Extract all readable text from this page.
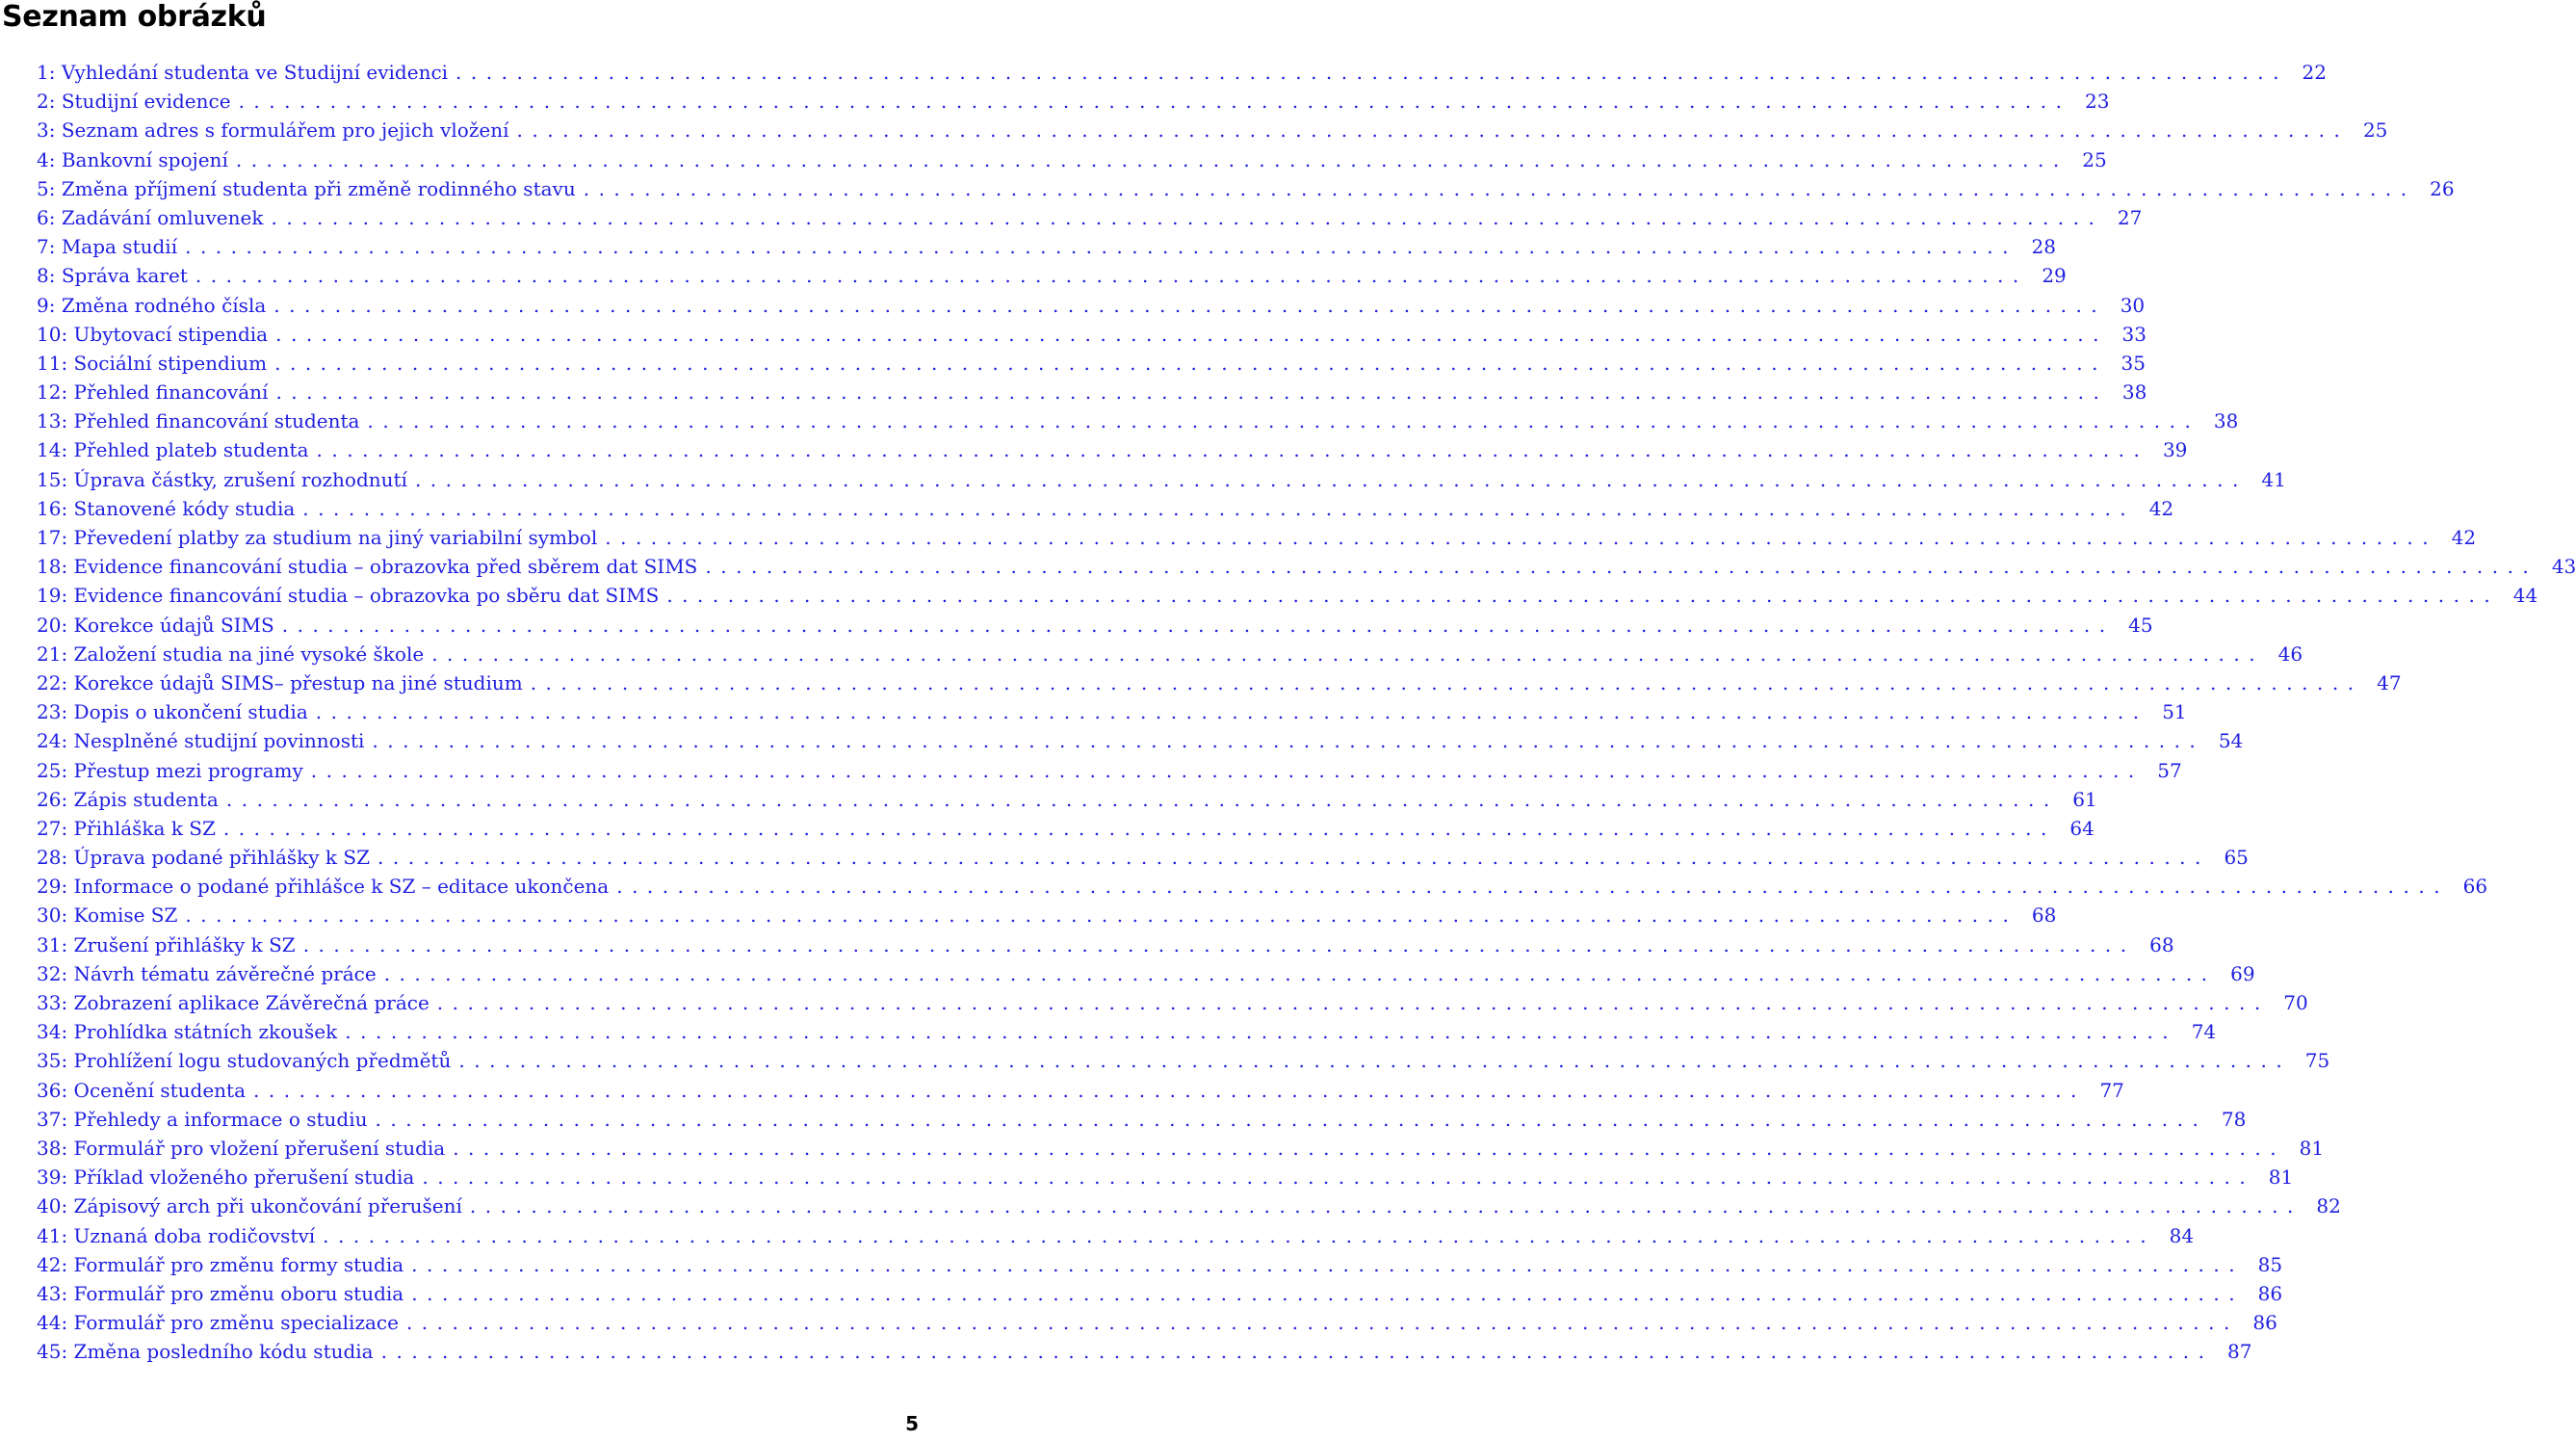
Seznam obrázků
1: Vyhledání studenta ve Studijní evidenci ........................................................................................................................ 22
2: Studijní evidence ........................................................................................................................ 23
3: Seznam adres s formulářem pro jejich vložení ........................................................................................................................ 25
4: Bankovní spojení ........................................................................................................................ 25
5: Změna příjmení studenta při změně rodinného stavu ........................................................................................................................ 26
6: Zadávání omluvenek ........................................................................................................................ 27
7: Mapa studií ........................................................................................................................ 28
8: Správa karet ........................................................................................................................ 29
9: Změna rodného čísla ........................................................................................................................ 30
10: Ubytovací stipendia ........................................................................................................................ 33
11: Sociální stipendium ........................................................................................................................ 35
12: Přehled financování ........................................................................................................................ 38
13: Přehled financování studenta ........................................................................................................................ 38
14: Přehled plateb studenta ........................................................................................................................ 39
15: Úprava částky, zrušení rozhodnutí ........................................................................................................................ 41
16: Stanovené kódy studia ........................................................................................................................ 42
17: Převedení platby za studium na jiný variabilní symbol ........................................................................................................................ 42
18: Evidence financování studia – obrazovka před sběrem dat SIMS ........................................................................................................................ 43
19: Evidence financování studia – obrazovka po sběru dat SIMS ........................................................................................................................ 44
20: Korekce údajů SIMS ........................................................................................................................ 45
21: Založení studia na jiné vysoké škole ........................................................................................................................ 46
22: Korekce údajů SIMS– přestup na jiné studium ........................................................................................................................ 47
23: Dopis o ukončení studia ........................................................................................................................ 51
24: Nesplněné studijní povinnosti ........................................................................................................................ 54
25: Přestup mezi programy ........................................................................................................................ 57
26: Zápis studenta ........................................................................................................................ 61
27: Přihláška k SZ ........................................................................................................................ 64
28: Úprava podané přihlášky k SZ ........................................................................................................................ 65
29: Informace o podané přihlášce k SZ – editace ukončena ........................................................................................................................ 66
30: Komise SZ ........................................................................................................................ 68
31: Zrušení přihlášky k SZ ........................................................................................................................ 68
32: Návrh tématu závěrečné práce ........................................................................................................................ 69
33: Zobrazení aplikace Závěrečná práce ........................................................................................................................ 70
34: Prohlídka státních zkoušek ........................................................................................................................ 74
35: Prohlížení logu studovaných předmětů ........................................................................................................................ 75
36: Ocenění studenta ........................................................................................................................ 77
37: Přehledy a informace o studiu ........................................................................................................................ 78
38: Formulář pro vložení přerušení studia ........................................................................................................................ 81
39: Příklad vloženého přerušení studia ........................................................................................................................ 81
40: Zápisový arch při ukončování přerušení ........................................................................................................................ 82
41: Uznaná doba rodičovství ........................................................................................................................ 84
42: Formulář pro změnu formy studia ........................................................................................................................ 85
43: Formulář pro změnu oboru studia ........................................................................................................................ 86
44: Formulář pro změnu specializace ........................................................................................................................ 86
45: Změna posledního kódu studia ........................................................................................................................ 87
5
